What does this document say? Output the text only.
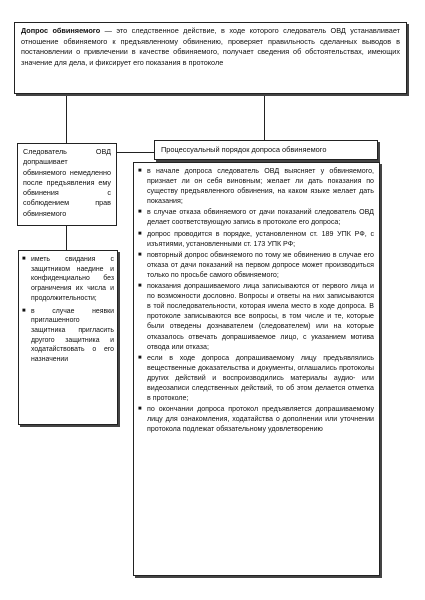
Допрос обвиняемого — это следственное действие, в ходе которого следователь ОВД устанавливает отношение обвиняемого к предъявленному обвинению, проверяет правильность сделанных выводов в постановлении о привлечении в качестве обвиняемого, получает сведения об обстоятельствах, имеющих значение для дела, и фиксирует его показания в протоколе

Следователь ОВД допрашивает обвиняемого немедленно после предъявления ему обвинения с соблюдением прав обвиняемого

Процессуальный порядок допроса обвиняемого
■ иметь свидания с защитником наедине и конфиденциально без ограничения их числа и продолжительности;
■ в случае неявки приглашенного защитника пригласить другого защитника и ходатайствовать о его назначении
■ в начале допроса следователь ОВД выясняет у обвиняемого, признает ли он себя виновным; желает ли дать показания по существу предъявленного обвинения, на каком языке желает дать показания;
■ в случае отказа обвиняемого от дачи показаний следователь ОВД делает соответствующую запись в протоколе его допроса;
■ допрос проводится в порядке, установленном ст. 189 УПК РФ, с изъятиями, установленными ст. 173 УПК РФ;
■ повторный допрос обвиняемого по тому же обвинению в случае его отказа от дачи показаний на первом допросе может производиться только по просьбе самого обвиняемого;
■ показания допрашиваемого лица записываются от первого лица и по возможности дословно. Вопросы и ответы на них записываются в той последовательности, которая имела место в ходе допроса. В протоколе записываются все вопросы, в том числе и те, которые были отведены дознавателем (следователем) или на которые отказалось отвечать допрашиваемое лицо, с указанием мотива отвода или отказа;
■ если в ходе допроса допрашиваемому лицу предъявлялись вещественные доказательства и документы, оглашались протоколы других действий и воспроизводились материалы аудио- или видеозаписи следственных действий, то об этом делается отметка в протоколе;
■ по окончании допроса протокол предъявляется допрашиваемому лицу для ознакомления, ходатайства о дополнении или уточнении протокола подлежат обязательному удовлетворению
